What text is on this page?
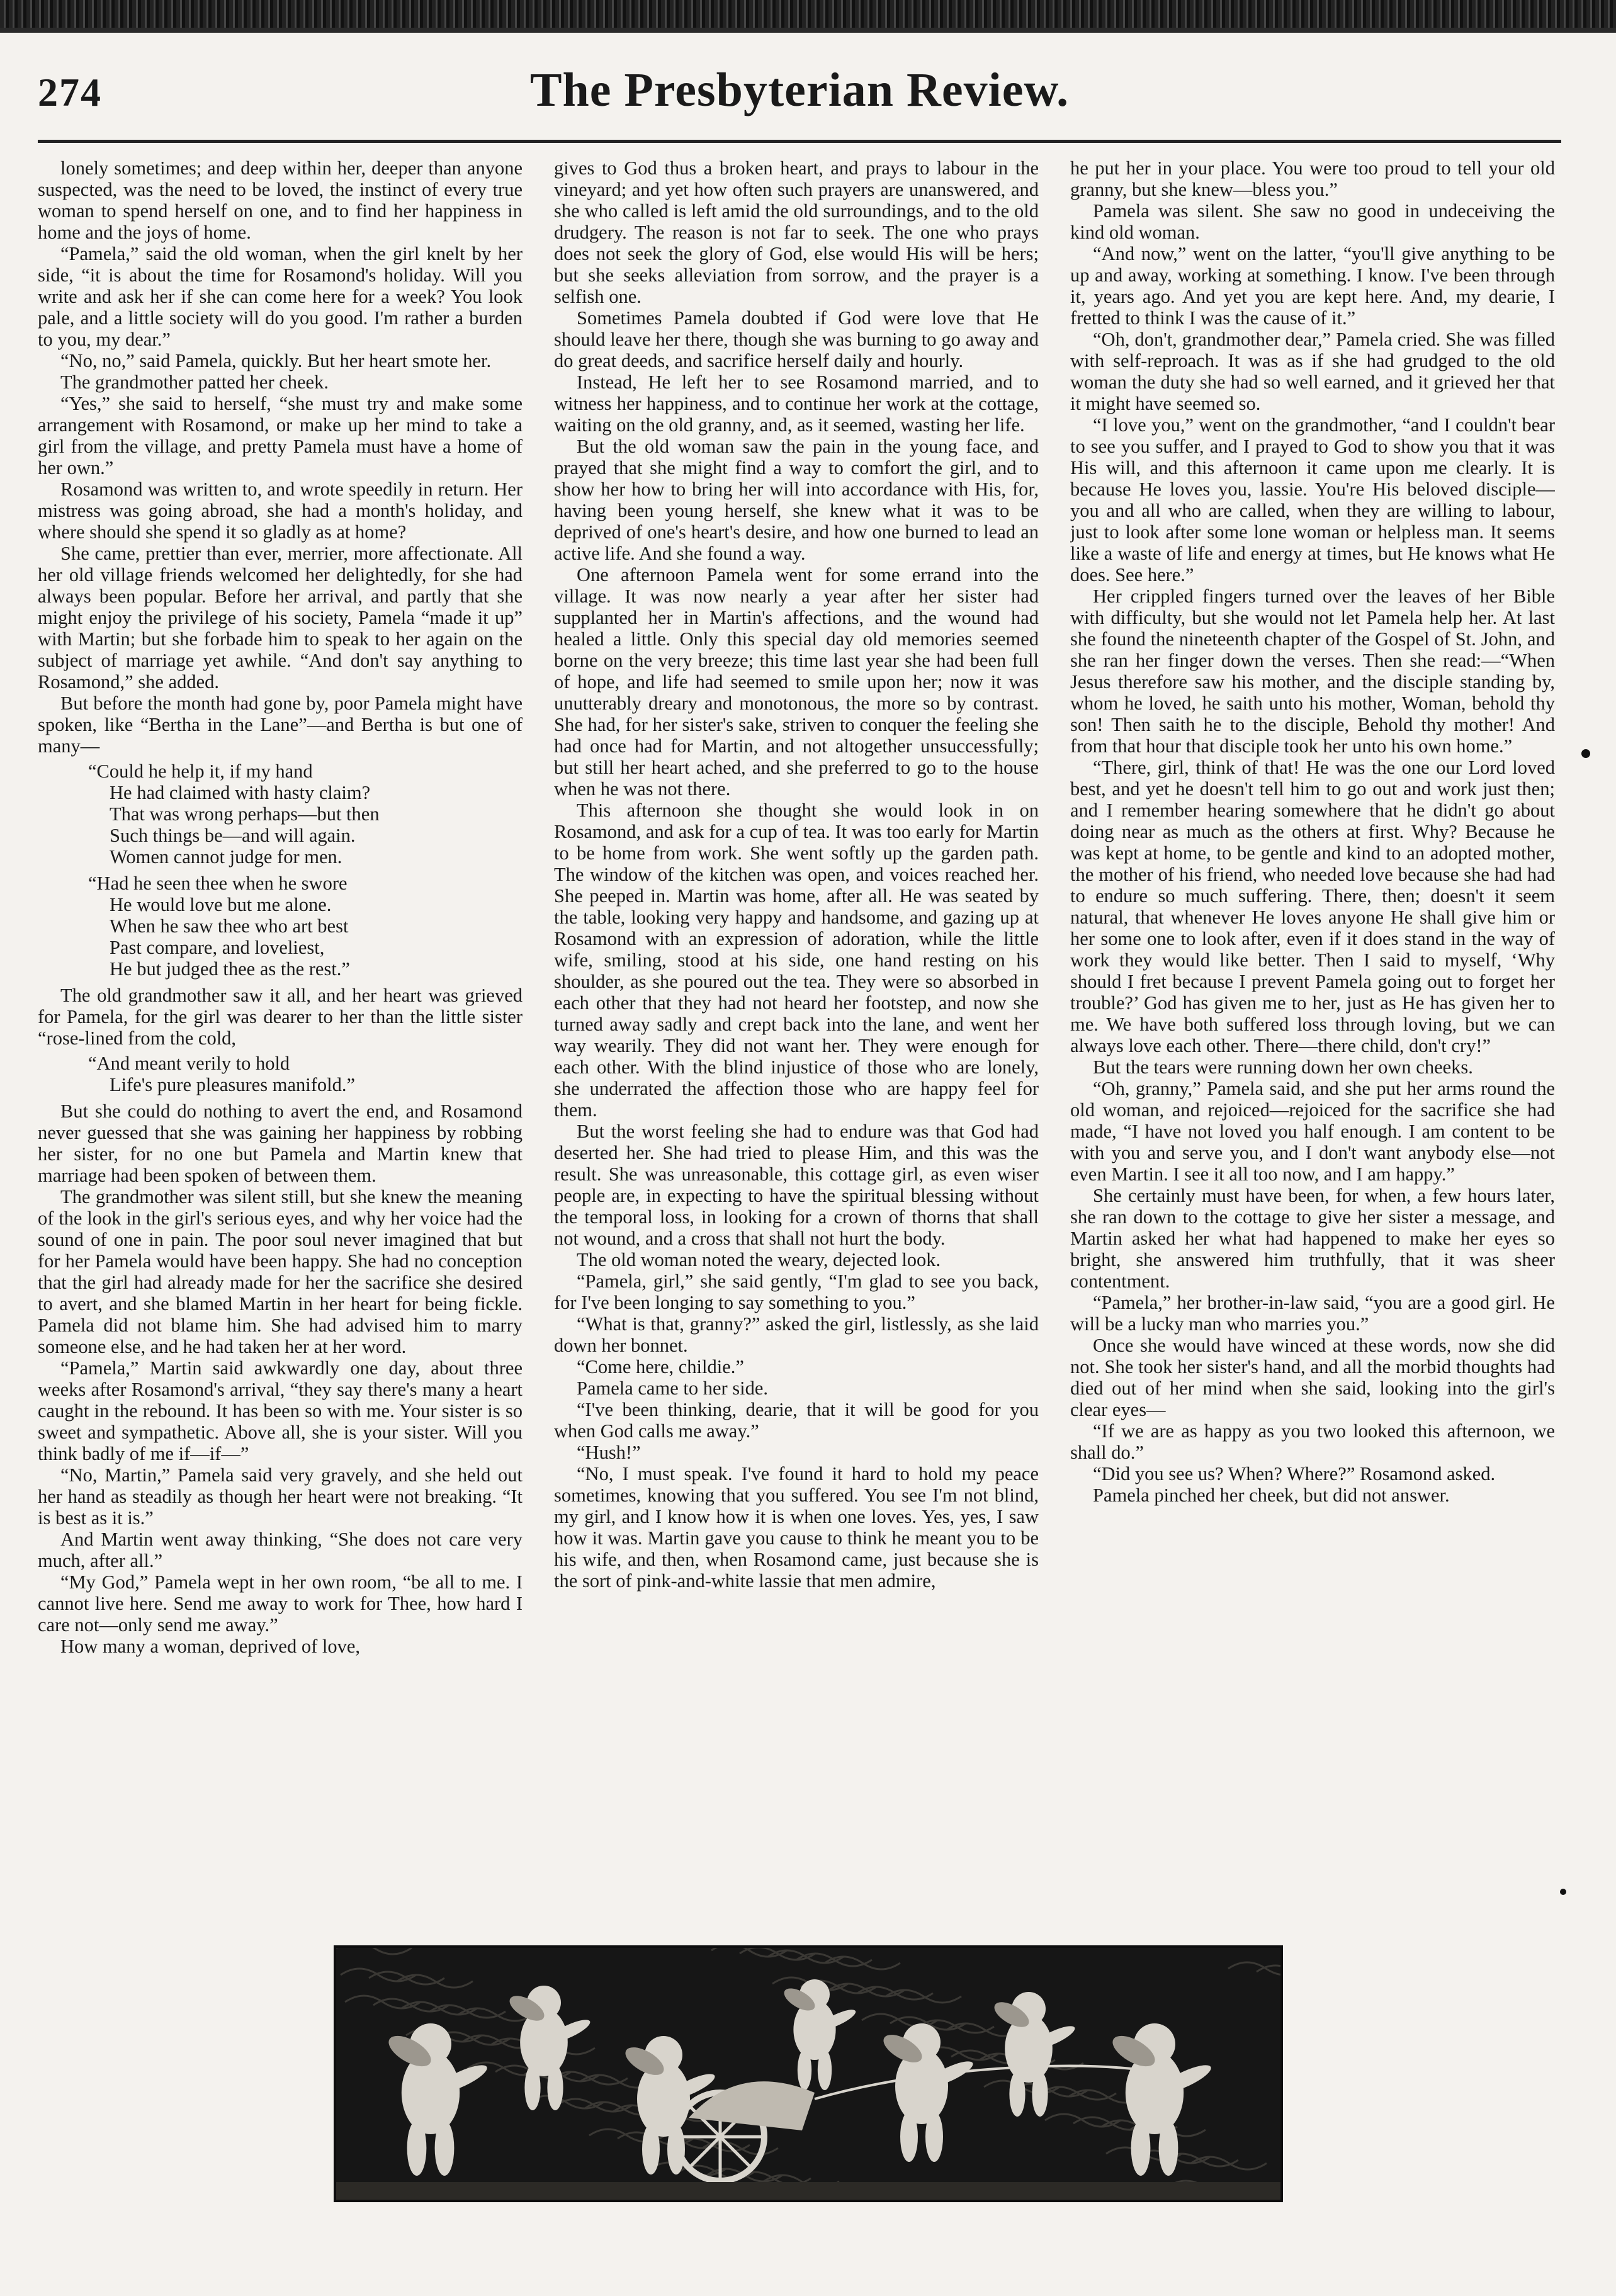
274	The Presbyterian Review.

lonely sometimes; and deep within her, deeper than anyone suspected, was the need to be loved, the instinct of every true woman to spend herself on one, and to find her happiness in home and the joys of home.

“Pamela,” said the old woman, when the girl knelt by her side, “it is about the time for Rosamond's holiday. Will you write and ask her if she can come here for a week? You look pale, and a little society will do you good. I'm rather a burden to you, my dear.”

“No, no,” said Pamela, quickly. But her heart smote her.

The grandmother patted her cheek.

“Yes,” she said to herself, “she must try and make some arrangement with Rosamond, or make up her mind to take a girl from the village, and pretty Pamela must have a home of her own.”

Rosamond was written to, and wrote speedily in return. Her mistress was going abroad, she had a month's holiday, and where should she spend it so gladly as at home?

She came, prettier than ever, merrier, more affectionate. All her old village friends welcomed her delightedly, for she had always been popular. Before her arrival, and partly that she might enjoy the privilege of his society, Pamela “made it up” with Martin; but she forbade him to speak to her again on the subject of marriage yet awhile. “And don't say anything to Rosamond,” she added.

But before the month had gone by, poor Pamela might have spoken, like “Bertha in the Lane”—and Bertha is but one of many—

“Could he help it, if my hand
He had claimed with hasty claim?
That was wrong perhaps—but then
Such things be—and will again.
Women cannot judge for men.
“Had he seen thee when he swore
He would love but me alone.
When he saw thee who art best
Past compare, and loveliest,
He but judged thee as the rest.”

The old grandmother saw it all, and her heart was grieved for Pamela, for the girl was dearer to her than the little sister “rose-lined from the cold,

“And meant verily to hold
Life's pure pleasures manifold.”

But she could do nothing to avert the end, and Rosamond never guessed that she was gaining her happiness by robbing her sister, for no one but Pamela and Martin knew that marriage had been spoken of between them.

The grandmother was silent still, but she knew the meaning of the look in the girl's serious eyes, and why her voice had the sound of one in pain. The poor soul never imagined that but for her Pamela would have been happy. She had no conception that the girl had already made for her the sacrifice she desired to avert, and she blamed Martin in her heart for being fickle. Pamela did not blame him. She had advised him to marry someone else, and he had taken her at her word.

“Pamela,” Martin said awkwardly one day, about three weeks after Rosamond's arrival, “they say there's many a heart caught in the rebound. It has been so with me. Your sister is so sweet and sympathetic. Above all, she is your sister. Will you think badly of me if—if—”

“No, Martin,” Pamela said very gravely, and she held out her hand as steadily as though her heart were not breaking. “It is best as it is.”

And Martin went away thinking, “She does not care very much, after all.”

“My God,” Pamela wept in her own room, “be all to me. I cannot live here. Send me away to work for Thee, how hard I care not—only send me away.”

How many a woman, deprived of love,

gives to God thus a broken heart, and prays to labour in the vineyard; and yet how often such prayers are unanswered, and she who called is left amid the old surroundings, and to the old drudgery. The reason is not far to seek. The one who prays does not seek the glory of God, else would His will be hers; but she seeks alleviation from sorrow, and the prayer is a selfish one.

Sometimes Pamela doubted if God were love that He should leave her there, though she was burning to go away and do great deeds, and sacrifice herself daily and hourly.

Instead, He left her to see Rosamond married, and to witness her happiness, and to continue her work at the cottage, waiting on the old granny, and, as it seemed, wasting her life.

But the old woman saw the pain in the young face, and prayed that she might find a way to comfort the girl, and to show her how to bring her will into accordance with His, for, having been young herself, she knew what it was to be deprived of one's heart's desire, and how one burned to lead an active life. And she found a way.

One afternoon Pamela went for some errand into the village. It was now nearly a year after her sister had supplanted her in Martin's affections, and the wound had healed a little. Only this special day old memories seemed borne on the very breeze; this time last year she had been full of hope, and life had seemed to smile upon her; now it was unutterably dreary and monotonous, the more so by contrast. She had, for her sister's sake, striven to conquer the feeling she had once had for Martin, and not altogether unsuccessfully; but still her heart ached, and she preferred to go to the house when he was not there.

This afternoon she thought she would look in on Rosamond, and ask for a cup of tea. It was too early for Martin to be home from work. She went softly up the garden path. The window of the kitchen was open, and voices reached her. She peeped in. Martin was home, after all. He was seated by the table, looking very happy and handsome, and gazing up at Rosamond with an expression of adoration, while the little wife, smiling, stood at his side, one hand resting on his shoulder, as she poured out the tea. They were so absorbed in each other that they had not heard her footstep, and now she turned away sadly and crept back into the lane, and went her way wearily. They did not want her. They were enough for each other. With the blind injustice of those who are lonely, she underrated the affection those who are happy feel for them.

But the worst feeling she had to endure was that God had deserted her. She had tried to please Him, and this was the result. She was unreasonable, this cottage girl, as even wiser people are, in expecting to have the spiritual blessing without the temporal loss, in looking for a crown of thorns that shall not wound, and a cross that shall not hurt the body.

The old woman noted the weary, dejected look.

“Pamela, girl,” she said gently, “I'm glad to see you back, for I've been longing to say something to you.”

“What is that, granny?” asked the girl, listlessly, as she laid down her bonnet.

“Come here, childie.”

Pamela came to her side.

“I've been thinking, dearie, that it will be good for you when God calls me away.”

“Hush!”

“No, I must speak. I've found it hard to hold my peace sometimes, knowing that you suffered. You see I'm not blind, my girl, and I know how it is when one loves. Yes, yes, I saw how it was. Martin gave you cause to think he meant you to be his wife, and then, when Rosamond came, just because she is the sort of pink-and-white lassie that men admire,

he put her in your place. You were too proud to tell your old granny, but she knew—bless you.”

Pamela was silent. She saw no good in undeceiving the kind old woman.

“And now,” went on the latter, “you'll give anything to be up and away, working at something. I know. I've been through it, years ago. And yet you are kept here. And, my dearie, I fretted to think I was the cause of it.”

“Oh, don't, grandmother dear,” Pamela cried. She was filled with self-reproach. It was as if she had grudged to the old woman the duty she had so well earned, and it grieved her that it might have seemed so.

“I love you,” went on the grandmother, “and I couldn't bear to see you suffer, and I prayed to God to show you that it was His will, and this afternoon it came upon me clearly. It is because He loves you, lassie. You're His beloved disciple—you and all who are called, when they are willing to labour, just to look after some lone woman or helpless man. It seems like a waste of life and energy at times, but He knows what He does. See here.”

Her crippled fingers turned over the leaves of her Bible with difficulty, but she would not let Pamela help her. At last she found the nineteenth chapter of the Gospel of St. John, and she ran her finger down the verses. Then she read:—“When Jesus therefore saw his mother, and the disciple standing by, whom he loved, he saith unto his mother, Woman, behold thy son! Then saith he to the disciple, Behold thy mother! And from that hour that disciple took her unto his own home.”

“There, girl, think of that! He was the one our Lord loved best, and yet he doesn't tell him to go out and work just then; and I remember hearing somewhere that he didn't go about doing near as much as the others at first. Why? Because he was kept at home, to be gentle and kind to an adopted mother, the mother of his friend, who needed love because she had had to endure so much suffering. There, then; doesn't it seem natural, that whenever He loves anyone He shall give him or her some one to look after, even if it does stand in the way of work they would like better. Then I said to myself, ‘Why should I fret because I prevent Pamela going out to forget her trouble?’ God has given me to her, just as He has given her to me. We have both suffered loss through loving, but we can always love each other. There—there child, don't cry!”

But the tears were running down her own cheeks.

“Oh, granny,” Pamela said, and she put her arms round the old woman, and rejoiced—rejoiced for the sacrifice she had made, “I have not loved you half enough. I am content to be with you and serve you, and I don't want anybody else—not even Martin. I see it all too now, and I am happy.”

She certainly must have been, for when, a few hours later, she ran down to the cottage to give her sister a message, and Martin asked her what had happened to make her eyes so bright, she answered him truthfully, that it was sheer contentment.

“Pamela,” her brother-in-law said, “you are a good girl. He will be a lucky man who marries you.”

Once she would have winced at these words, now she did not. She took her sister's hand, and all the morbid thoughts had died out of her mind when she said, looking into the girl's clear eyes—

“If we are as happy as you two looked this afternoon, we shall do.”

“Did you see us? When? Where?” Rosamond asked.

Pamela pinched her cheek, but did not answer.
